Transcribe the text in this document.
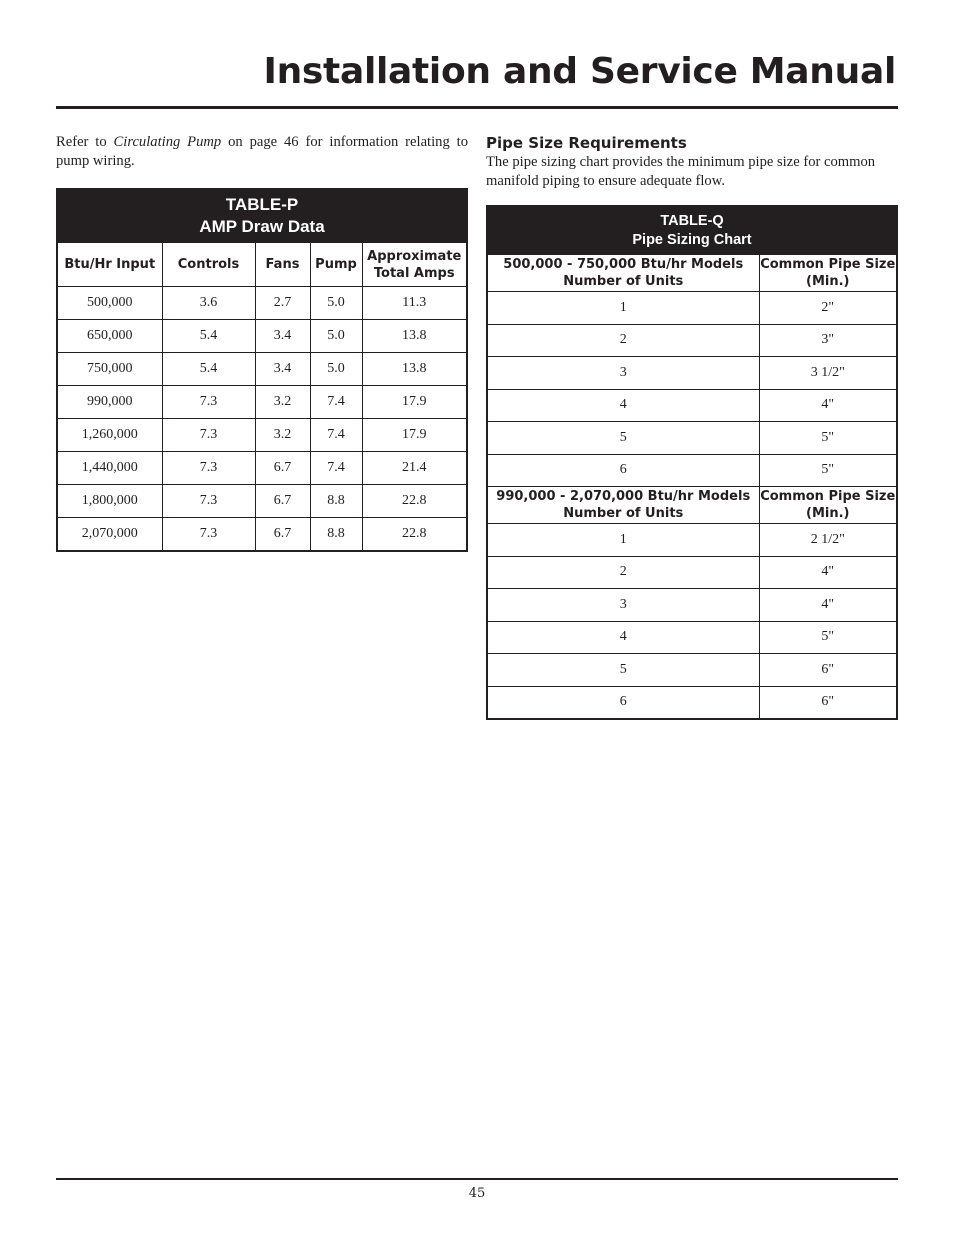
Installation and Service Manual

Refer to Circulating Pump on page 46 for information relating to pump wiring.

TABLE-P
AMP Draw Data				

Btu/Hr Input	Controls	Fans	Pump	Approximate Total Amps
500,000	3.6	2.7	5.0	11.3
650,000	5.4	3.4	5.0	13.8
750,000	5.4	3.4	5.0	13.8
990,000	7.3	3.2	7.4	17.9
1,260,000	7.3	3.2	7.4	17.9
1,440,000	7.3	6.7	7.4	21.4
1,800,000	7.3	6.7	8.8	22.8
2,070,000	7.3	6.7	8.8	22.8
Pipe Size Requirements

The pipe sizing chart provides the minimum pipe size for common manifold piping to ensure adequate flow.

TABLE-Q
Pipe Sizing Chart	

500,000 - 750,000 Btu/hr Models Number of Units	Common Pipe Size (Min.)
1	2"
2	3"
3	3 1/2"
4	4"
5	5"
6	5"
990,000 - 2,070,000 Btu/hr Models Number of Units	Common Pipe Size (Min.)
1	2 1/2"
2	4"
3	4"
4	5"
5	6"
6	6"
45
